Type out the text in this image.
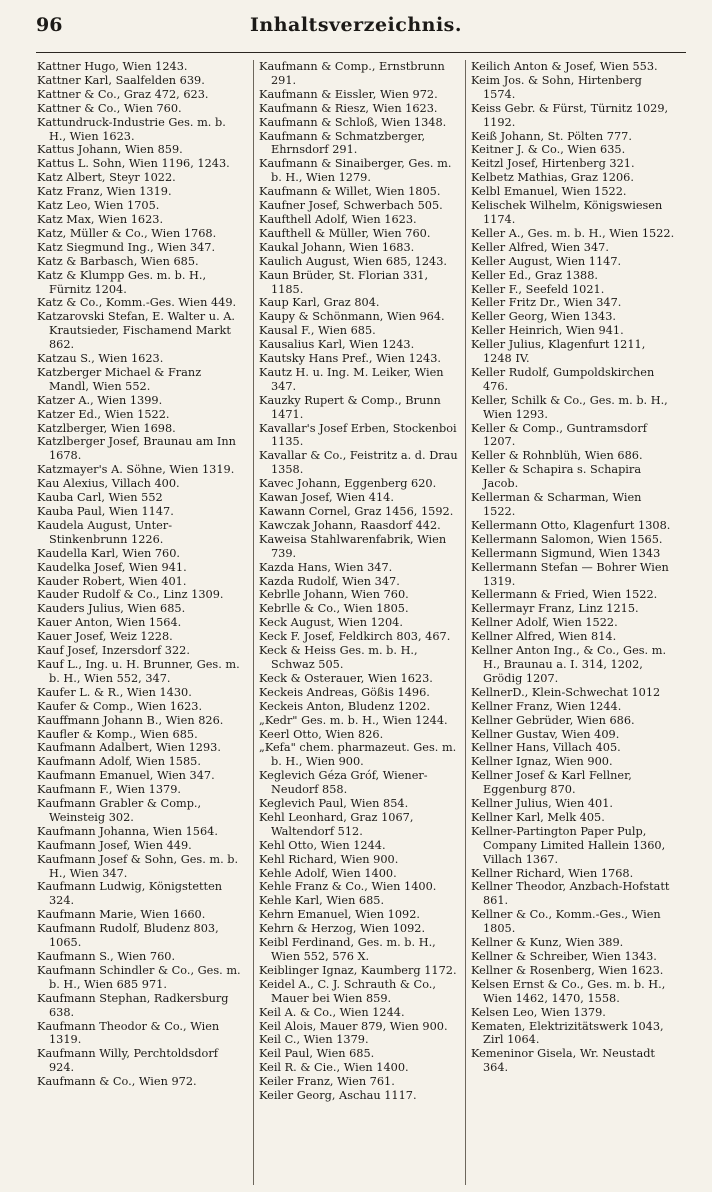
96	Inhaltsverzeichnis.
Kattner Hugo, Wien 1243.
Kattner Karl, Saalfelden 639.
Kattner & Co., Graz 472, 623.
Kattner & Co., Wien 760.
Kattundruck-Industrie Ges. m. b. H., Wien 1623.
Kattus Johann, Wien 859.
Kattus L. Sohn, Wien 1196, 1243.
Katz Albert, Steyr 1022.
Katz Franz, Wien 1319.
Katz Leo, Wien 1705.
Katz Max, Wien 1623.
Katz, Müller & Co., Wien 1768.
Katz Siegmund Ing., Wien 347.
Katz & Barbasch, Wien 685.
Katz & Klumpp Ges. m. b. H., Fürnitz 1204.
Katz & Co., Komm.-Ges. Wien 449.
Katzarovski Stefan, E. Walter u. A. Krautsieder, Fischamend Markt 862.
Katzau S., Wien 1623.
Katzberger Michael & Franz Mandl, Wien 552.
Katzer A., Wien 1399.
Katzer Ed., Wien 1522.
Katzlberger, Wien 1698.
Katzlberger Josef, Braunau am Inn 1678.
Katzmayer's A. Söhne, Wien 1319.
Kau Alexius, Villach 400.
Kauba Carl, Wien 552
Kauba Paul, Wien 1147.
Kaudela August, Unter-Stinkenbrunn 1226.
Kaudella Karl, Wien 760.
Kaudelka Josef, Wien 941.
Kauder Robert, Wien 401.
Kauder Rudolf & Co., Linz 1309.
Kauders Julius, Wien 685.
Kauer Anton, Wien 1564.
Kauer Josef, Weiz 1228.
Kauf Josef, Inzersdorf 322.
Kauf L., Ing. u. H. Brunner, Ges. m. b. H., Wien 552, 347.
Kaufer L. & R., Wien 1430.
Kaufer & Comp., Wien 1623.
Kauffmann Johann B., Wien 826.
Kaufler & Komp., Wien 685.
Kaufmann Adalbert, Wien 1293.
Kaufmann Adolf, Wien 1585.
Kaufmann Emanuel, Wien 347.
Kaufmann F., Wien 1379.
Kaufmann Grabler & Comp., Weinsteig 302.
Kaufmann Johanna, Wien 1564.
Kaufmann Josef, Wien 449.
Kaufmann Josef & Sohn, Ges. m. b. H., Wien 347.
Kaufmann Ludwig, Königstetten 324.
Kaufmann Marie, Wien 1660.
Kaufmann Rudolf, Bludenz 803, 1065.
Kaufmann S., Wien 760.
Kaufmann Schindler & Co., Ges. m. b. H., Wien 685 971.
Kaufmann Stephan, Radkersburg 638.
Kaufmann Theodor & Co., Wien 1319.
Kaufmann Willy, Perchtoldsdorf 924.
Kaufmann & Co., Wien 972.
Kaufmann & Comp., Ernstbrunn 291.
Kaufmann & Eissler, Wien 972.
Kaufmann & Riesz, Wien 1623.
Kaufmann & Schloß, Wien 1348.
Kaufmann & Schmatzberger, Ehrnsdorf 291.
Kaufmann & Sinaiberger, Ges. m. b. H., Wien 1279.
Kaufmann & Willet, Wien 1805.
Kaufner Josef, Schwerbach 505.
Kaufthell Adolf, Wien 1623.
Kaufthell & Müller, Wien 760.
Kaukal Johann, Wien 1683.
Kaulich August, Wien 685, 1243.
Kaun Brüder, St. Florian 331, 1185.
Kaup Karl, Graz 804.
Kaupy & Schönmann, Wien 964.
Kausal F., Wien 685.
Kausalius Karl, Wien 1243.
Kautsky Hans Pref., Wien 1243.
Kautz H. u. Ing. M. Leiker, Wien 347.
Kauzky Rupert & Comp., Brunn 1471.
Kavallar's Josef Erben, Stockenboi 1135.
Kavallar & Co., Feistritz a. d. Drau 1358.
Kavec Johann, Eggenberg 620.
Kawan Josef, Wien 414.
Kawann Cornel, Graz 1456, 1592.
Kawczak Johann, Raasdorf 442.
Kaweisa Stahlwarenfabrik, Wien 739.
Kazda Hans, Wien 347.
Kazda Rudolf, Wien 347.
Kebrlle Johann, Wien 760.
Kebrlle & Co., Wien 1805.
Keck August, Wien 1204.
Keck F. Josef, Feldkirch 803, 467.
Keck & Heiss Ges. m. b. H., Schwaz 505.
Keck & Osterauer, Wien 1623.
Keckeis Andreas, Gößis 1496.
Keckeis Anton, Bludenz 1202.
„Kedr" Ges. m. b. H., Wien 1244.
Keerl Otto, Wien 826.
„Kefa" chem. pharmazeut. Ges. m. b. H., Wien 900.
Keglevich Géza Gróf, Wiener-Neudorf 858.
Keglevich Paul, Wien 854.
Kehl Leonhard, Graz 1067, Waltendorf 512.
Kehl Otto, Wien 1244.
Kehl Richard, Wien 900.
Kehle Adolf, Wien 1400.
Kehle Franz & Co., Wien 1400.
Kehle Karl, Wien 685.
Kehrn Emanuel, Wien 1092.
Kehrn & Herzog, Wien 1092.
Keibl Ferdinand, Ges. m. b. H., Wien 552, 576 X.
Keiblinger Ignaz, Kaumberg 1172.
Keidel A., C. J. Schrauth & Co., Mauer bei Wien 859.
Keil A. & Co., Wien 1244.
Keil Alois, Mauer 879, Wien 900.
Keil C., Wien 1379.
Keil Paul, Wien 685.
Keil R. & Cie., Wien 1400.
Keiler Franz, Wien 761.
Keiler Georg, Aschau 1117.
Keilich Anton & Josef, Wien 553.
Keim Jos. & Sohn, Hirtenberg 1574.
Keiss Gebr. & Fürst, Türnitz 1029, 1192.
Keiß Johann, St. Pölten 777.
Keitner J. & Co., Wien 635.
Keitzl Josef, Hirtenberg 321.
Kelbetz Mathias, Graz 1206.
Kelbl Emanuel, Wien 1522.
Kelischek Wilhelm, Königswiesen 1174.
Keller A., Ges. m. b. H., Wien 1522.
Keller Alfred, Wien 347.
Keller August, Wien 1147.
Keller Ed., Graz 1388.
Keller F., Seefeld 1021.
Keller Fritz Dr., Wien 347.
Keller Georg, Wien 1343.
Keller Heinrich, Wien 941.
Keller Julius, Klagenfurt 1211, 1248 IV.
Keller Rudolf, Gumpoldskirchen 476.
Keller, Schilk & Co., Ges. m. b. H., Wien 1293.
Keller & Comp., Guntramsdorf 1207.
Keller & Rohnblüh, Wien 686.
Keller & Schapira s. Schapira Jacob.
Kellerman & Scharman, Wien 1522.
Kellermann Otto, Klagenfurt 1308.
Kellermann Salomon, Wien 1565.
Kellermann Sigmund, Wien 1343
Kellermann Stefan — Bohrer Wien 1319.
Kellermann & Fried, Wien 1522.
Kellermayr Franz, Linz 1215.
Kellner Adolf, Wien 1522.
Kellner Alfred, Wien 814.
Kellner Anton Ing., & Co., Ges. m. H., Braunau a. I. 314, 1202, Grödig 1207.
KellnerD., Klein-Schwechat 1012
Kellner Franz, Wien 1244.
Kellner Gebrüder, Wien 686.
Kellner Gustav, Wien 409.
Kellner Hans, Villach 405.
Kellner Ignaz, Wien 900.
Kellner Josef & Karl Fellner, Eggenburg 870.
Kellner Julius, Wien 401.
Kellner Karl, Melk 405.
Kellner-Partington Paper Pulp, Company Limited Hallein 1360, Villach 1367.
Kellner Richard, Wien 1768.
Kellner Theodor, Anzbach-Hofstatt 861.
Kellner & Co., Komm.-Ges., Wien 1805.
Kellner & Kunz, Wien 389.
Kellner & Schreiber, Wien 1343.
Kellner & Rosenberg, Wien 1623.
Kelsen Ernst & Co., Ges. m. b. H., Wien 1462, 1470, 1558.
Kelsen Leo, Wien 1379.
Kematen, Elektrizitätswerk 1043, Zirl 1064.
Kemeninor Gisela, Wr. Neustadt 364.
